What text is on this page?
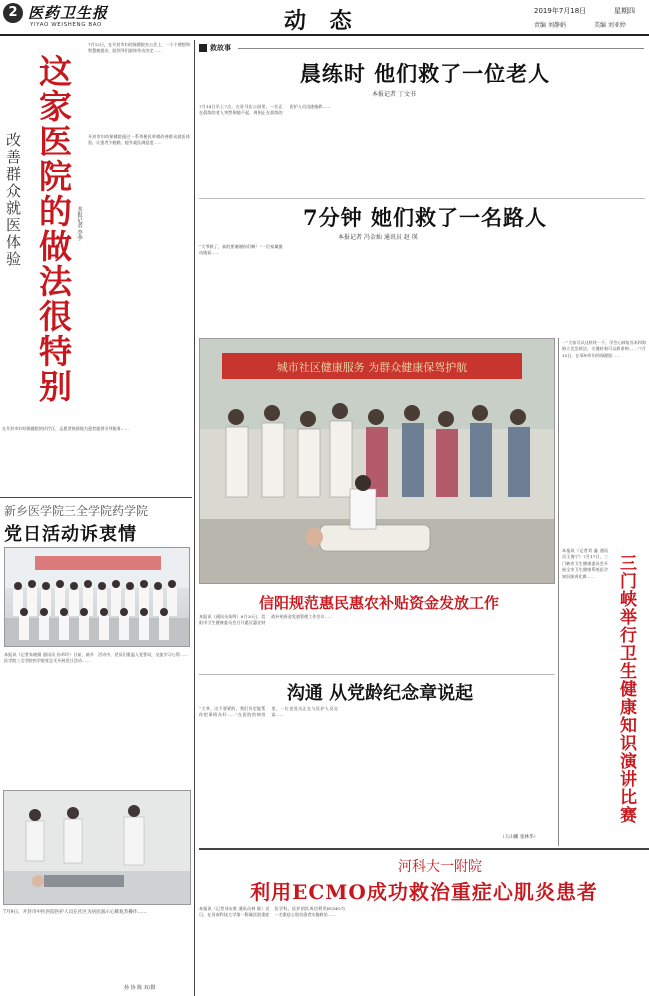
2 医药卫生报
YIYAO WEISHENG BAO	动 态	2019年7月18日	星期四
责编 刘静娟	美编 刘亚婷
7月12日，在开封市妇幼保健院办公会上，一个个理想和智慧被提出，院领导们最终作出决定……
这家医院的做法很特别
改善群众就医体验	本报记者 李季
开封市妇幼保健院通过一系列便民举措改善群众就医体验，让患者少跑路，提升就医满意度……
在开封市妇幼保健院的诊疗区，志愿者热情地为患者提供引导服务……
新乡医学院三全学院药学院
党日活动诉衷情
本报讯（记者朱晓娟 通讯员 孙翠玲）日前，新乡医学院三全学院药学院党总支开展党日活动……
活动中，党员们重温入党誓词，交流学习心得……
7月9日，开封市中医医院医护人员在社区为居民演示心肺复苏操作……
孙 协 陈 双/摄
救故事
晨练时 他们救了一位老人
本报记者 丁文书
7月14日早上7点，在驻马店公园里，一位正在晨练的老人突然倒地不起，周围正在晨练的医护人员迅速施救……
7分钟 她们救了一名路人
本报记者 冯金灿 通讯员 赵 瑛
“大爷救了，真的要谢谢你们啊！”一位家属激动地说……
城市社区健康服务 为群众健康保驾护航
一“大家可以这样快一下，学会心肺复苏术和海姆立克急救法，关键时刻可以救命呐……”7月15日，在郑州市妇幼保健院……
本报讯（记者刘 鑫 通讯员王海宁）7月17日，三门峡市卫生健康委员会开展全市卫生健康系统医学知识演讲比赛……	三门峡举行卫生健康知识演讲比赛
信阳规范惠民惠农补贴资金发放工作
本报讯（通讯员朱鸣）8月20日，信阳市卫生健康委员会召开惠民惠农财政补贴资金发放管理工作会议……
沟通 从党龄纪念章说起
“大爷，这不要紧的，我们肯定能帮你把事情办好……”在医院的病房里，一位老党员正在与医护人员交谈……
（王山鹏 张林华）
河科大一附院
利用ECMO成功救治重症心肌炎患者
本报讯（记者刘永胜 通讯员林 霖）近日，在河南科技大学第一附属医院重症医学科，医护团队成功利用ECMO为一名重症心肌炎患者实施救治……
